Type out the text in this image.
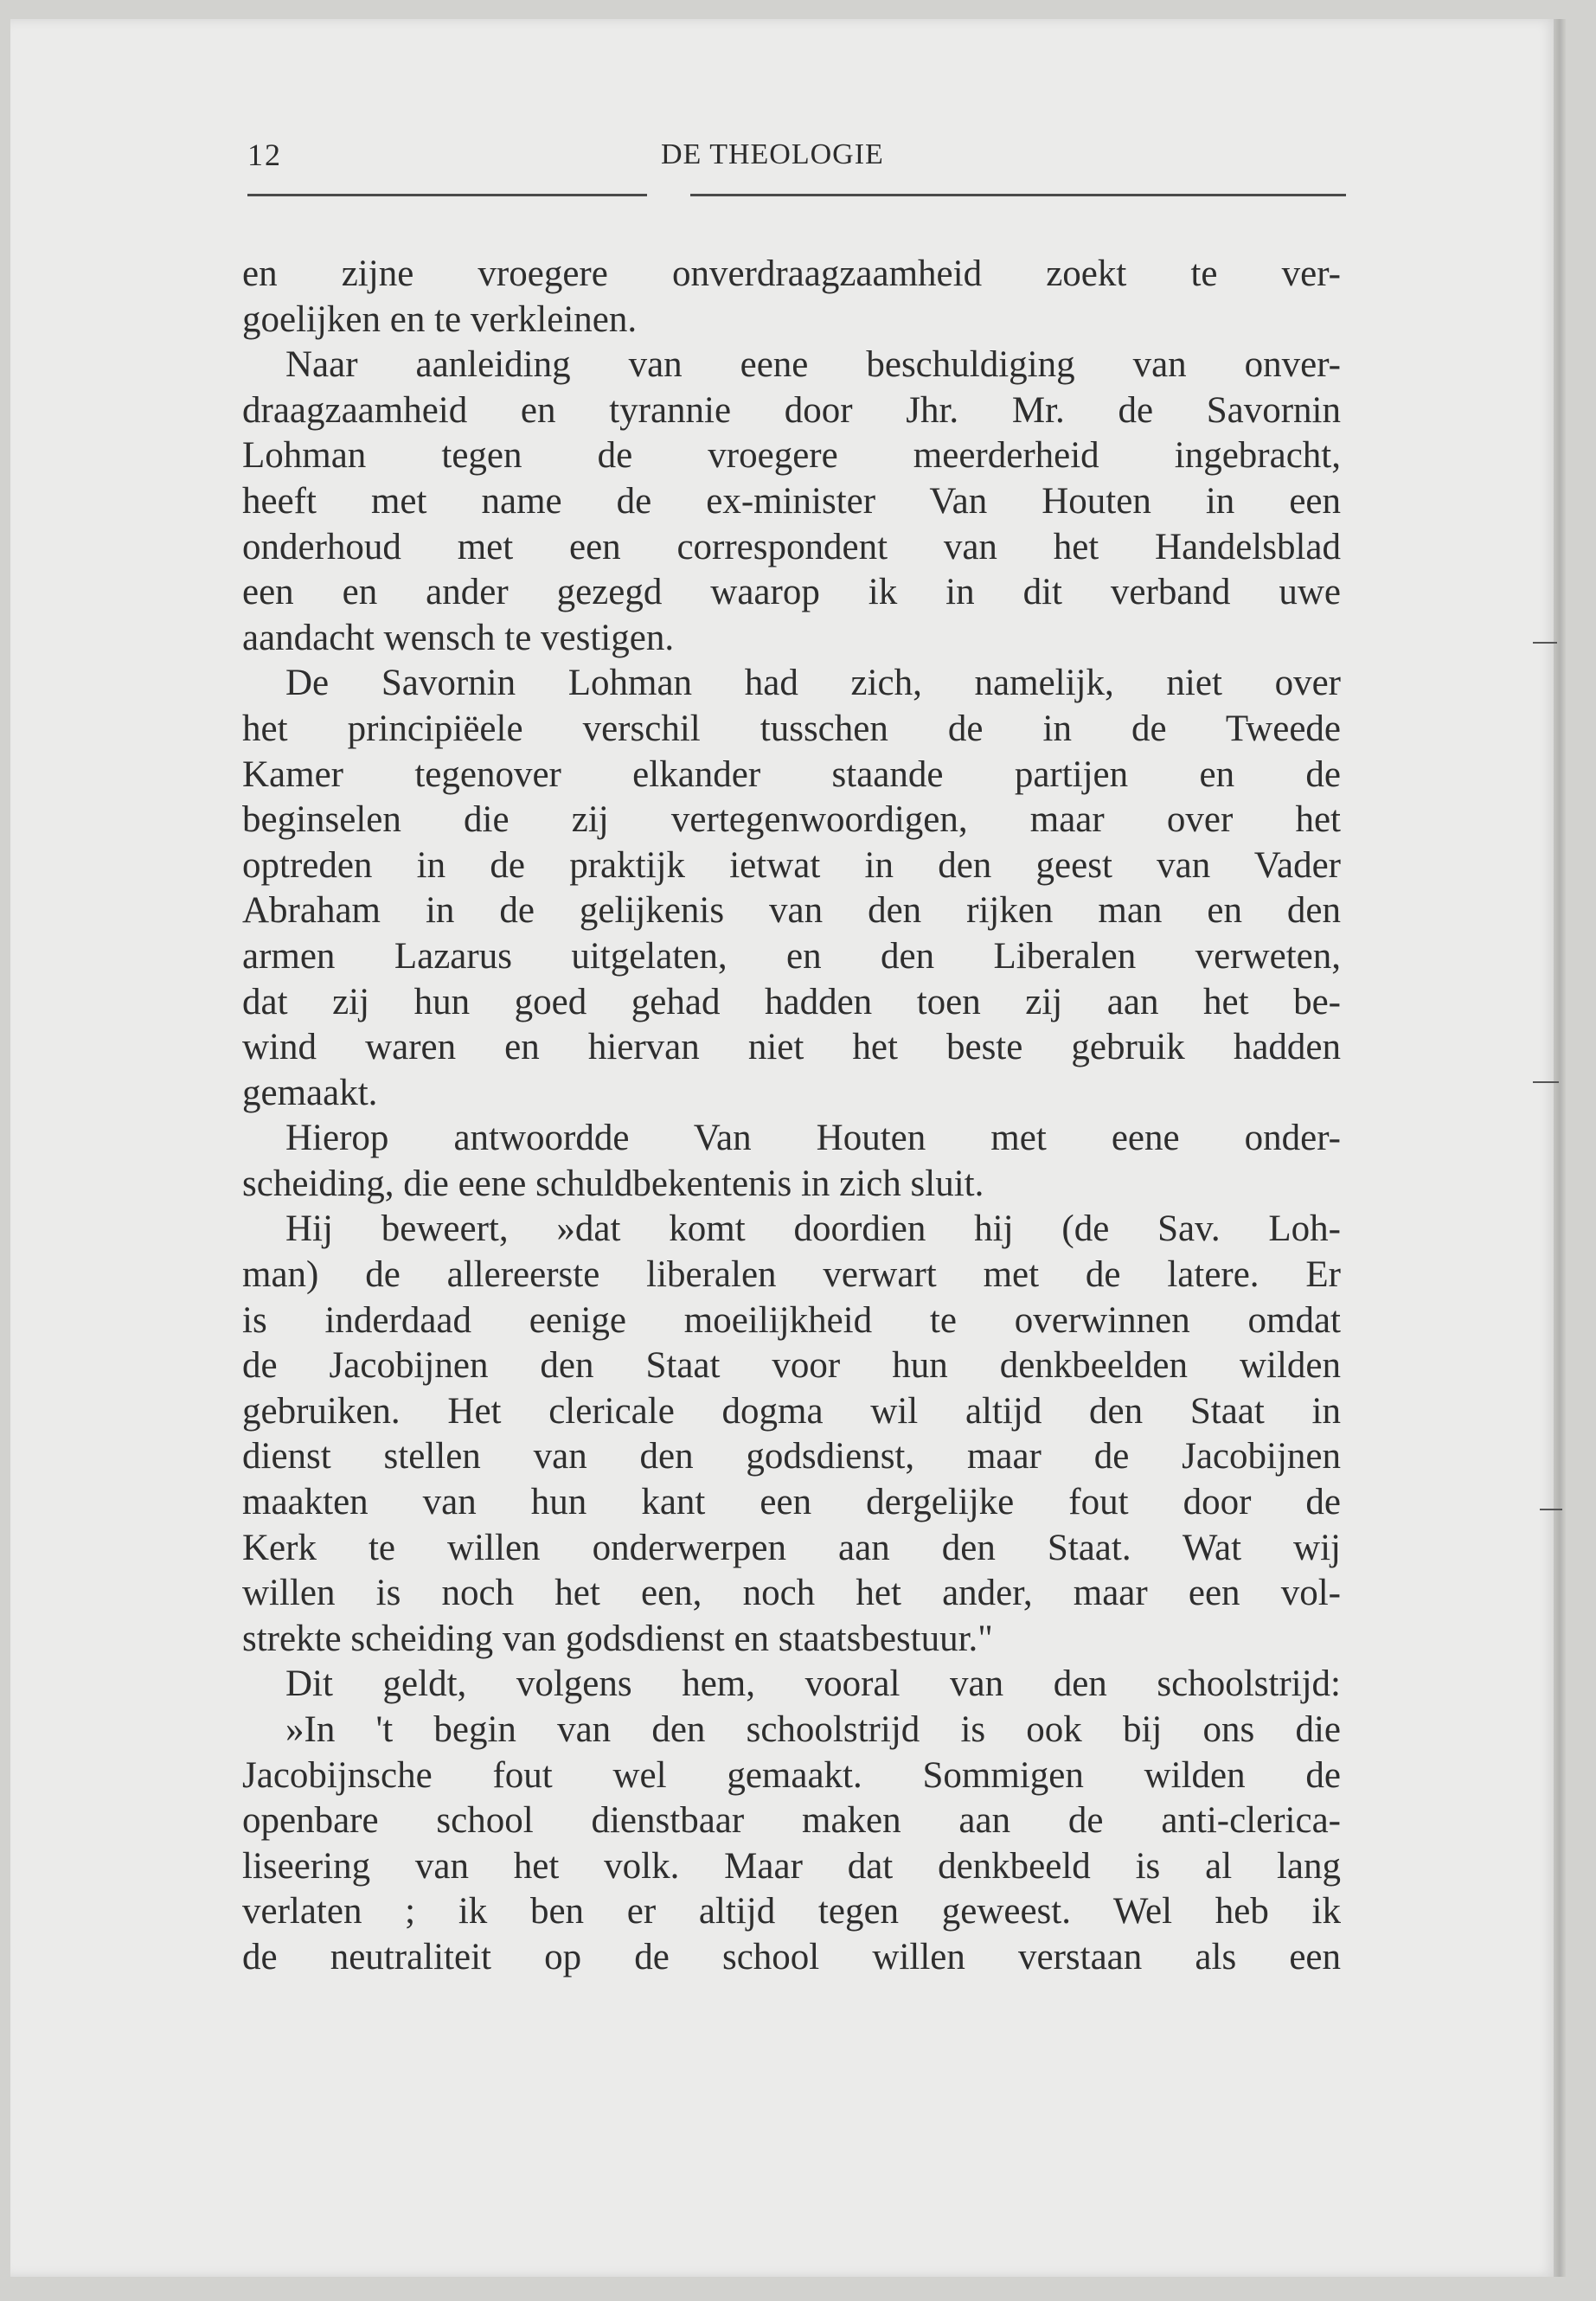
12	DE THEOLOGIE
en zijne vroegere onverdraagzaamheid zoekt te ver-
goelijken en te verkleinen.
Naar aanleiding van eene beschuldiging van onver-
draagzaamheid en tyrannie door Jhr. Mr. de Savornin
Lohman tegen de vroegere meerderheid ingebracht,
heeft met name de ex-minister Van Houten in een
onderhoud met een correspondent van het Handelsblad
een en ander gezegd waarop ik in dit verband uwe
aandacht wensch te vestigen.
De Savornin Lohman had zich, namelijk, niet over
het principiëele verschil tusschen de in de Tweede
Kamer tegenover elkander staande partijen en de
beginselen die zij vertegenwoordigen, maar over het
optreden in de praktijk ietwat in den geest van Vader
Abraham in de gelijkenis van den rijken man en den
armen Lazarus uitgelaten, en den Liberalen verweten,
dat zij hun goed gehad hadden toen zij aan het be-
wind waren en hiervan niet het beste gebruik hadden
gemaakt.
Hierop antwoordde Van Houten met eene onder-
scheiding, die eene schuldbekentenis in zich sluit.
Hij beweert, »dat komt doordien hij (de Sav. Loh-
man) de allereerste liberalen verwart met de latere. Er
is inderdaad eenige moeilijkheid te overwinnen omdat
de Jacobijnen den Staat voor hun denkbeelden wilden
gebruiken. Het clericale dogma wil altijd den Staat in
dienst stellen van den godsdienst, maar de Jacobijnen
maakten van hun kant een dergelijke fout door de
Kerk te willen onderwerpen aan den Staat. Wat wij
willen is noch het een, noch het ander, maar een vol-
strekte scheiding van godsdienst en staatsbestuur."
Dit geldt, volgens hem, vooral van den schoolstrijd:
»In 't begin van den schoolstrijd is ook bij ons die
Jacobijnsche fout wel gemaakt. Sommigen wilden de
openbare school dienstbaar maken aan de anti-clerica-
liseering van het volk. Maar dat denkbeeld is al lang
verlaten ; ik ben er altijd tegen geweest. Wel heb ik
de neutraliteit op de school willen verstaan als een
